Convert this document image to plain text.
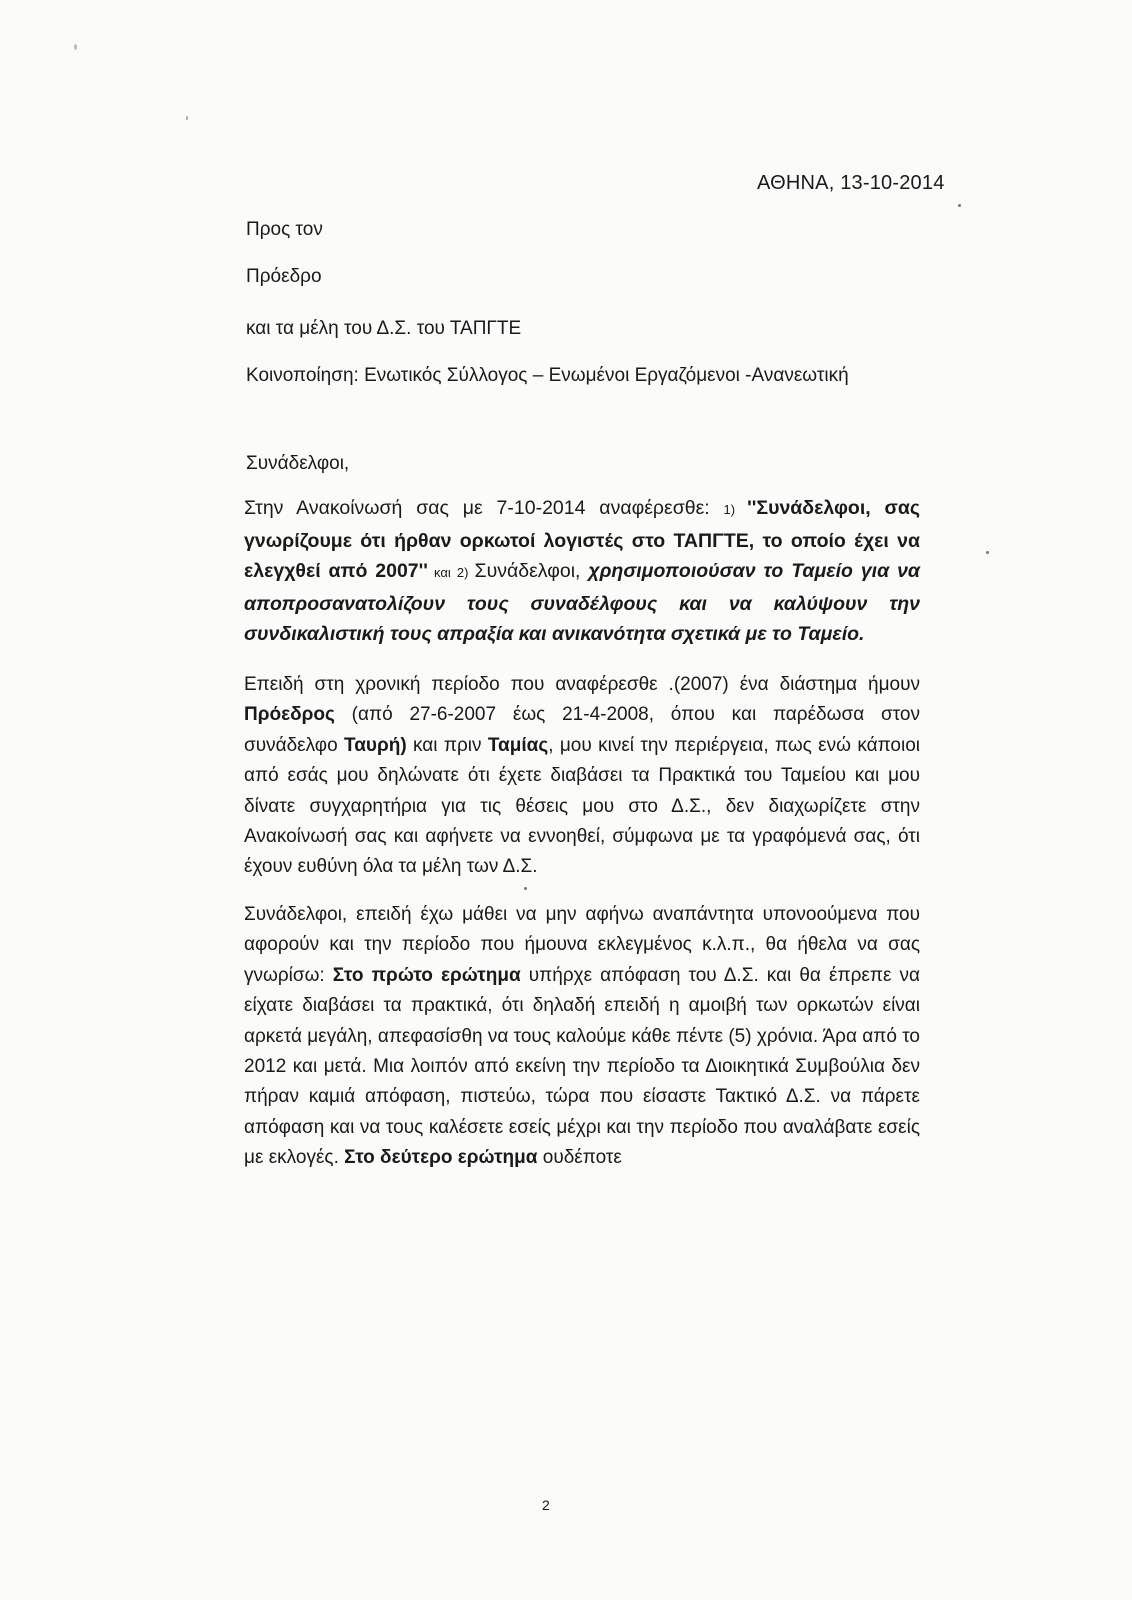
ΑΘΗΝΑ, 13-10-2014
Προς τον
Πρόεδρο
και τα μέλη του Δ.Σ. του ΤΑΠΓΤΕ
Κοινοποίηση: Ενωτικός Σύλλογος – Ενωμένοι Εργαζόμενοι -Ανανεωτική
Συνάδελφοι,
Στην Ανακοίνωσή σας με 7-10-2014 αναφέρεσθε: 1) ''Συνάδελφοι, σας γνωρίζουμε ότι ήρθαν ορκωτοί λογιστές στο ΤΑΠΓΤΕ, το οποίο έχει να ελεγχθεί από 2007'' και 2) Συνάδελφοι, χρησιμοποιούσαν το Ταμείο για να αποπροσανατολίζουν τους συναδέλφους και να καλύψουν την συνδικαλιστική τους απραξία και ανικανότητα σχετικά με το Ταμείο.
Επειδή στη χρονική περίοδο που αναφέρεσθε .(2007) ένα διάστημα ήμουν Πρόεδρος (από 27-6-2007 έως 21-4-2008, όπου και παρέδωσα στον συνάδελφο Ταυρή) και πριν Ταμίας, μου κινεί την περιέργεια, πως ενώ κάποιοι από εσάς μου δηλώνατε ότι έχετε διαβάσει τα Πρακτικά του Ταμείου και μου δίνατε συγχαρητήρια για τις θέσεις μου στο Δ.Σ., δεν διαχωρίζετε στην Ανακοίνωσή σας και αφήνετε να εννοηθεί, σύμφωνα με τα γραφόμενά σας, ότι έχουν ευθύνη όλα τα μέλη των Δ.Σ.
Συνάδελφοι, επειδή έχω μάθει να μην αφήνω αναπάντητα υπονοούμενα που αφορούν και την περίοδο που ήμουνα εκλεγμένος κ.λ.π., θα ήθελα να σας γνωρίσω: Στο πρώτο ερώτημα υπήρχε απόφαση του Δ.Σ. και θα έπρεπε να είχατε διαβάσει τα πρακτικά, ότι δηλαδή επειδή η αμοιβή των ορκωτών είναι αρκετά μεγάλη, απεφασίσθη να τους καλούμε κάθε πέντε (5) χρόνια. Άρα από το 2012 και μετά. Μια λοιπόν από εκείνη την περίοδο τα Διοικητικά Συμβούλια δεν πήραν καμιά απόφαση, πιστεύω, τώρα που είσαστε Τακτικό Δ.Σ. να πάρετε απόφαση και να τους καλέσετε εσείς μέχρι και την περίοδο που αναλάβατε εσείς με εκλογές. Στο δεύτερο ερώτημα ουδέποτε
2
